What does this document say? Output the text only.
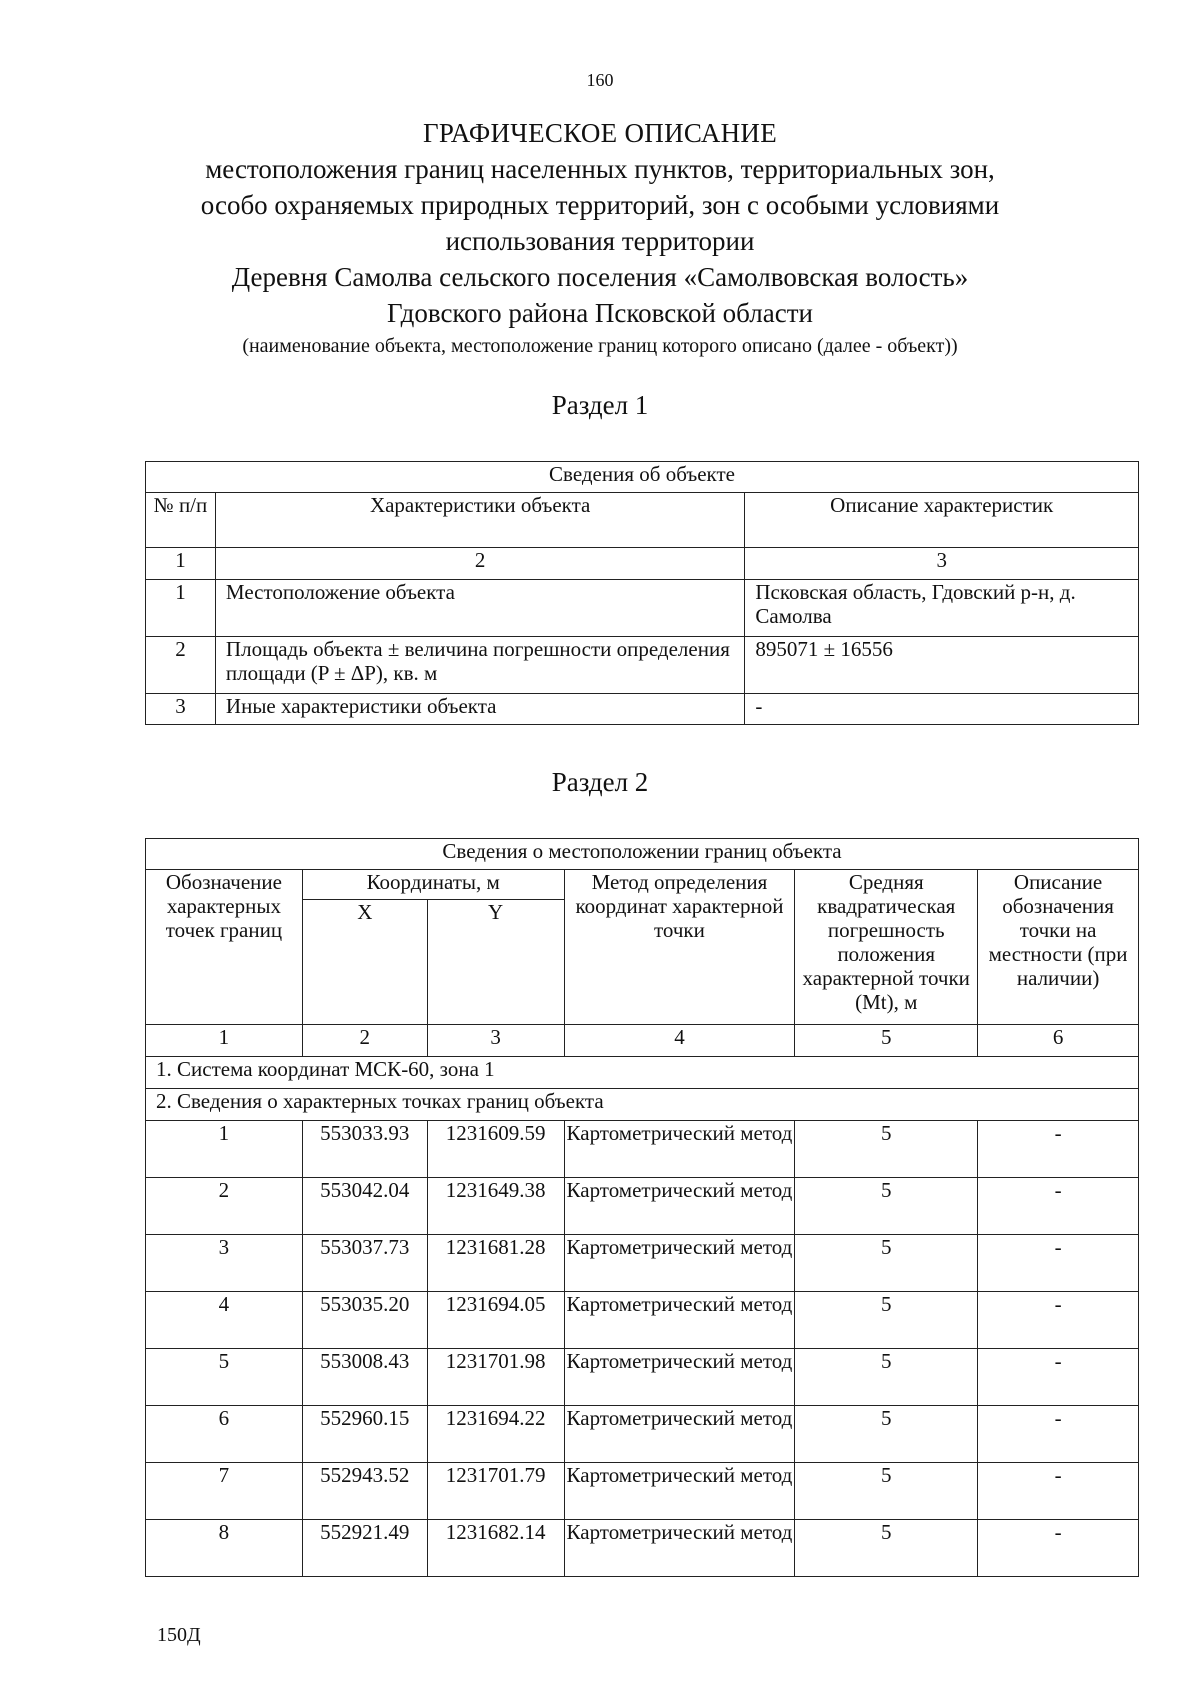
160
ГРАФИЧЕСКОЕ ОПИСАНИЕ
местоположения границ населенных пунктов, территориальных зон,
особо охраняемых природных территорий, зон с особыми условиями
использования территории
Деревня Самолва сельского поселения «Самолвовская волость»
Гдовского района Псковской области
(наименование объекта, местоположение границ которого описано (далее - объект))
Раздел 1
Сведения об объекте		
№ п/п	Характеристики объекта	Описание характеристик
1	2	3
1	Местоположение объекта	Псковская область, Гдовский р-н, д. Самолва
2	Площадь объекта ± величина погрешности определения площади (P ± ΔP), кв. м	895071 ± 16556
3	Иные характеристики объекта	-
Раздел 2
Сведения о местоположении границ объекта					
Обозначение характерных точек границ	Координаты, м		Метод определения координат характерной точки	Средняя квадратическая погрешность положения характерной точки (Mt), м	Описание обозначения точки на местности (при наличии)
	X	Y			
1	2	3	4	5	6
1. Система координат МСК-60, зона 1					
2. Сведения о характерных точках границ объекта					
1	553033.93	1231609.59	Картометрический метод	5	-
2	553042.04	1231649.38	Картометрический метод	5	-
3	553037.73	1231681.28	Картометрический метод	5	-
4	553035.20	1231694.05	Картометрический метод	5	-
5	553008.43	1231701.98	Картометрический метод	5	-
6	552960.15	1231694.22	Картометрический метод	5	-
7	552943.52	1231701.79	Картометрический метод	5	-
8	552921.49	1231682.14	Картометрический метод	5	-
150Д
